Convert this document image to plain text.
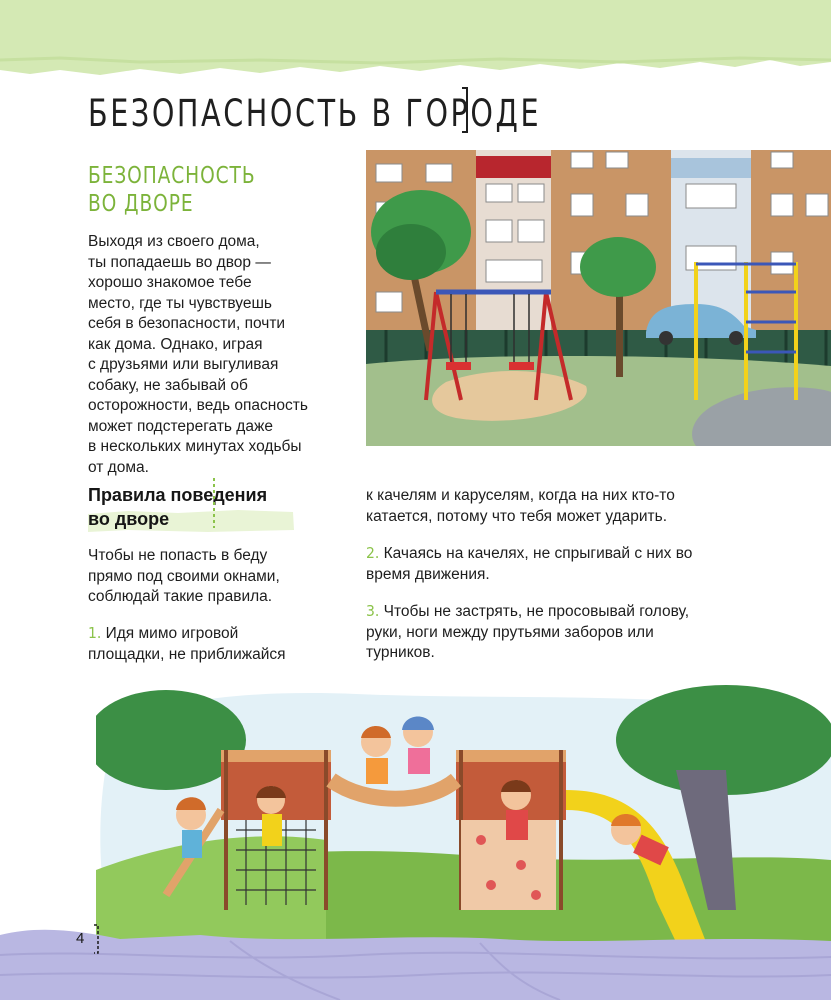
БЕЗОПАСНОСТЬ В ГОРОДЕ
БЕЗОПАСНОСТЬ
ВО ДВОРЕ

Выходя из своего дома,
ты попадаешь во двор —
хорошо знакомое тебе
место, где ты чувствуешь
себя в безопасности, почти
как дома. Однако, играя
с друзьями или выгуливая
собаку, не забывай об
осторожности, ведь опасность
может подстерегать даже
в нескольких минутах ходьбы
от дома.

Правила поведения
во дворе

Чтобы не попасть в беду
прямо под своими окнами,
соблюдай такие правила.

1. Идя мимо игровой
площадки, не приближайся

к качелям и каруселям, когда на них кто-то
катается, потому что тебя может ударить.

2. Качаясь на качелях, не спрыгивай с них во
время движения.

3. Чтобы не застрять, не просовывай голову,
руки, ноги между прутьями заборов или
турников.

4
